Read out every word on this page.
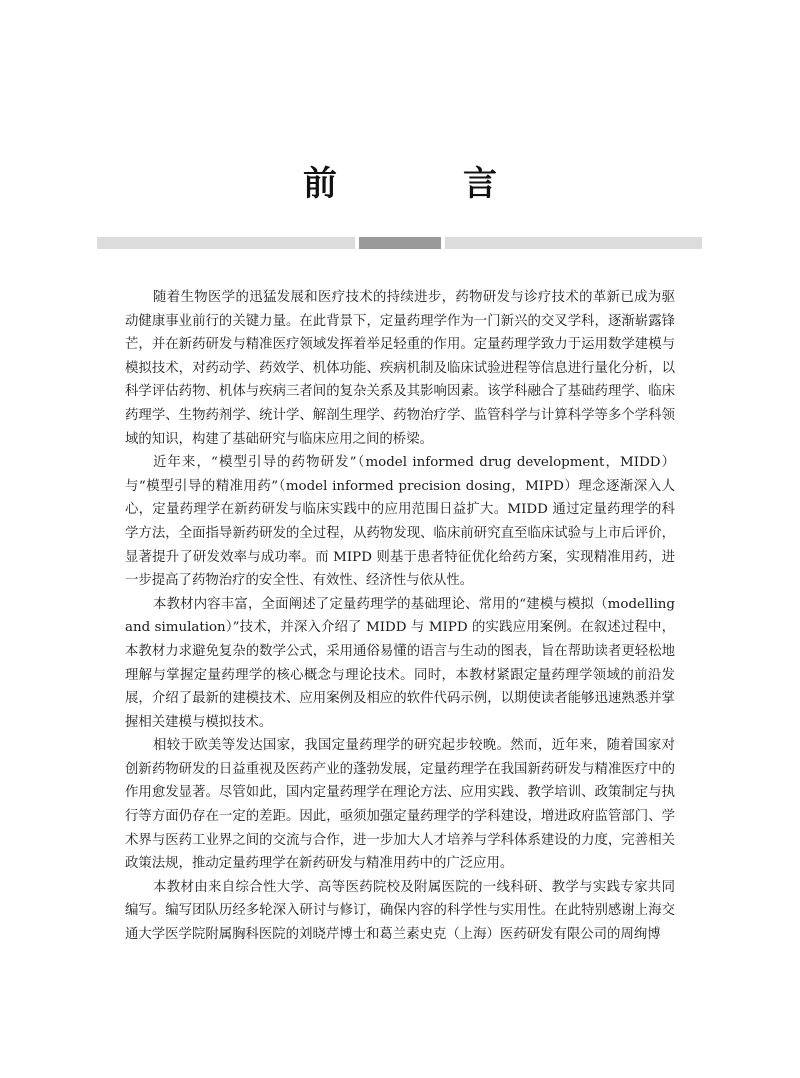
前　言

随着生物医学的迅猛发展和医疗技术的持续进步，药物研发与诊疗技术的革新已成为驱动健康事业前行的关键力量。在此背景下，定量药理学作为一门新兴的交叉学科，逐渐崭露锋芒，并在新药研发与精准医疗领域发挥着举足轻重的作用。定量药理学致力于运用数学建模与模拟技术，对药动学、药效学、机体功能、疾病机制及临床试验进程等信息进行量化分析，以科学评估药物、机体与疾病三者间的复杂关系及其影响因素。该学科融合了基础药理学、临床药理学、生物药剂学、统计学、解剖生理学、药物治疗学、监管科学与计算科学等多个学科领域的知识，构建了基础研究与临床应用之间的桥梁。

近年来，“模型引导的药物研发”（model informed drug development，MIDD）与“模型引导的精准用药”（model informed precision dosing，MIPD）理念逐渐深入人心，定量药理学在新药研发与临床实践中的应用范围日益扩大。MIDD 通过定量药理学的科学方法，全面指导新药研发的全过程，从药物发现、临床前研究直至临床试验与上市后评价，显著提升了研发效率与成功率。而 MIPD 则基于患者特征优化给药方案，实现精准用药，进一步提高了药物治疗的安全性、有效性、经济性与依从性。

本教材内容丰富，全面阐述了定量药理学的基础理论、常用的“建模与模拟（modelling and simulation）”技术，并深入介绍了 MIDD 与 MIPD 的实践应用案例。在叙述过程中，本教材力求避免复杂的数学公式，采用通俗易懂的语言与生动的图表，旨在帮助读者更轻松地理解与掌握定量药理学的核心概念与理论技术。同时，本教材紧跟定量药理学领域的前沿发展，介绍了最新的建模技术、应用案例及相应的软件代码示例，以期使读者能够迅速熟悉并掌握相关建模与模拟技术。

相较于欧美等发达国家，我国定量药理学的研究起步较晚。然而，近年来，随着国家对创新药物研发的日益重视及医药产业的蓬勃发展，定量药理学在我国新药研发与精准医疗中的作用愈发显著。尽管如此，国内定量药理学在理论方法、应用实践、教学培训、政策制定与执行等方面仍存在一定的差距。因此，亟须加强定量药理学的学科建设，增进政府监管部门、学术界与医药工业界之间的交流与合作，进一步加大人才培养与学科体系建设的力度，完善相关政策法规，推动定量药理学在新药研发与精准用药中的广泛应用。

本教材由来自综合性大学、高等医药院校及附属医院的一线科研、教学与实践专家共同编写。编写团队历经多轮深入研讨与修订，确保内容的科学性与实用性。在此特别感谢上海交通大学医学院附属胸科医院的刘晓芹博士和葛兰素史克（上海）医药研发有限公司的周绚博
